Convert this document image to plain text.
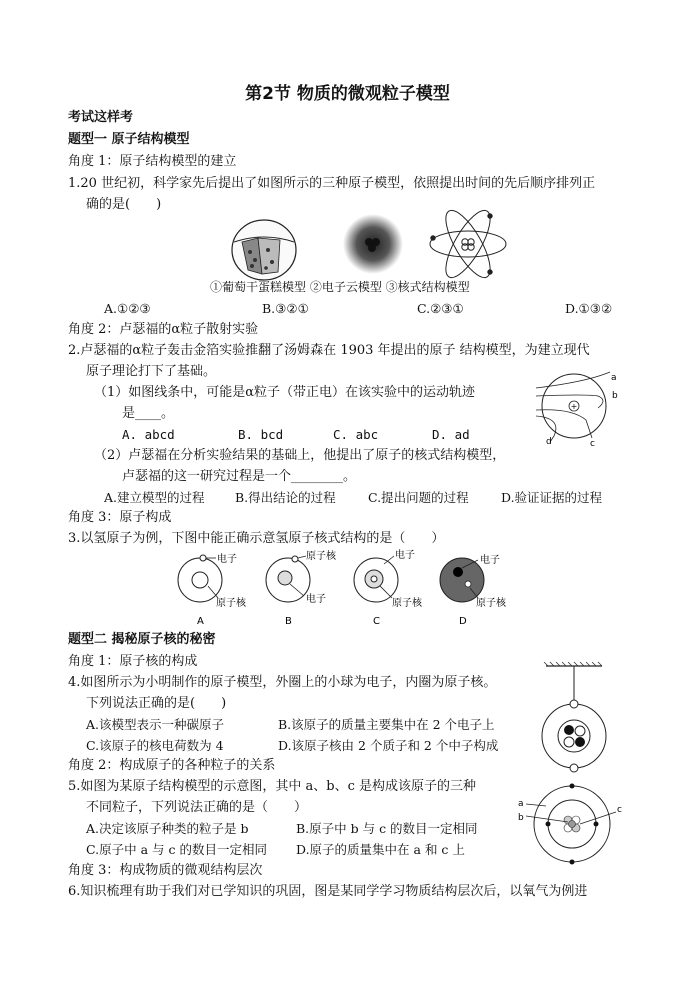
第2节 物质的微观粒子模型
考试这样考
题型一 原子结构模型
角度 1：原子结构模型的建立
1.20 世纪初，科学家先后提出了如图所示的三种原子模型，依照提出时间的先后顺序排列正
确的是(　　)
①葡萄干蛋糕模型 ②电子云模型 ③核式结构模型
A.①②③	B.③②①	C.②③①	D.①③②
角度 2：卢瑟福的α粒子散射实验
2.卢瑟福的α粒子轰击金箔实验推翻了汤姆森在 1903 年提出的原子 结构模型，为建立现代
原子理论打下了基础。
（1）如图线条中，可能是α粒子（带正电）在该实验中的运动轨迹
是____。
A. abcd	B. bcd	C. abc	D. ad
+
a
b
c
d
（2）卢瑟福在分析实验结果的基础上，他提出了原子的核式结构模型，
卢瑟福的这一研究过程是一个________。
A.建立模型的过程 B.得出结论的过程	C.提出问题的过程	D.验证证据的过程
角度 3：原子构成
3.以氢原子为例，下图中能正确示意氢原子核式结构的是（　　）
电子
原子核
A
原子核
电子
B
电子
原子核
C
电子
原子核
D
题型二 揭秘原子核的秘密
角度 1：原子核的构成
4.如图所示为小明制作的原子模型，外圈上的小球为电子，内圈为原子核。
下列说法正确的是(　　)
A.该模型表示一种碳原子	B.该原子的质量主要集中在 2 个电子上
C.该原子的核电荷数为 4	D.该原子核由 2 个质子和 2 个中子构成
角度 2：构成原子的各种粒子的关系
5.如图为某原子结构模型的示意图，其中 a、b、c 是构成该原子的三种
不同粒子，下列说法正确的是（　　）
A.决定该原子种类的粒子是 b	B.原子中 b 与 c 的数目一定相同
C.原子中 a 与 c 的数目一定相同 D.原子的质量集中在 a 和 c 上
a
b
c
角度 3：构成物质的微观结构层次
6.知识梳理有助于我们对已学知识的巩固，图是某同学学习物质结构层次后，以氧气为例进
